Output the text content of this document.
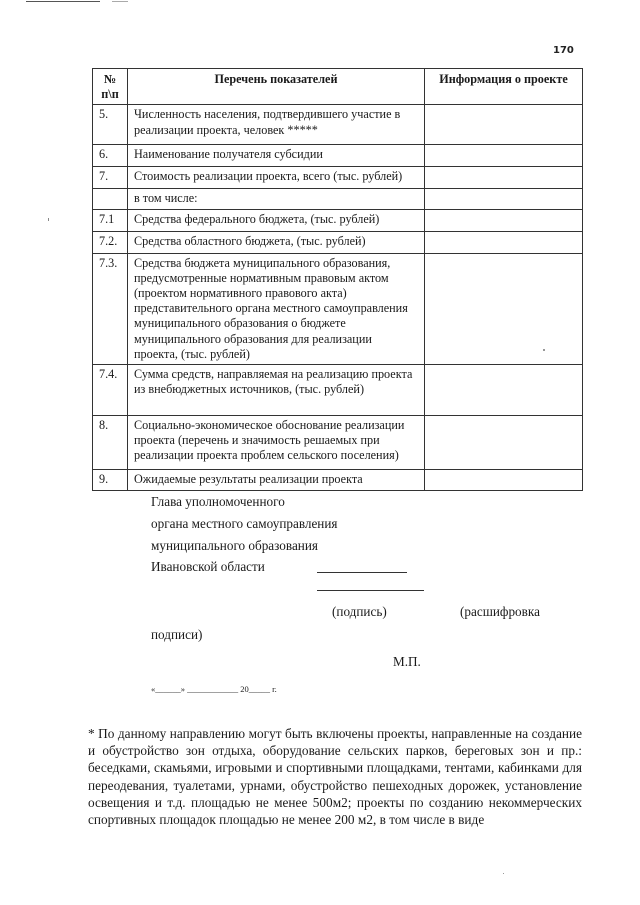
170
№ п\п	Перечень показателей	Информация о проекте
5.	Численность населения, подтвердившего участие в реализации проекта, человек *****	
6.	Наименование получателя субсидии	
7.	Стоимость реализации проекта, всего (тыс. рублей)	
	в том числе:	
7.1	Средства федерального бюджета, (тыс. рублей)	
7.2.	Средства областного бюджета, (тыс. рублей)	
7.3.	Средства бюджета муниципального образования, предусмотренные нормативным правовым актом (проектом нормативного правового акта) представительного органа местного самоуправления муниципального образования о бюджете муниципального образования для реализации проекта, (тыс. рублей)	
7.4.	Сумма средств, направляемая на реализацию проекта из внебюджетных источников, (тыс. рублей)	
8.	Социально-экономическое обоснование реализации проекта (перечень и значимость решаемых при реализации проекта проблем сельского поселения)	
9.	Ожидаемые результаты реализации проекта	
Глава уполномоченного
органа местного самоуправления
муниципального образования
Ивановской области
(подпись)	(расшифровка
подписи)
М.П.
«______» ____________ 20_____ г.
* По данному направлению могут быть включены проекты, направленные на создание и обустройство зон отдыха, оборудование сельских парков, береговых зон и пр.: беседками, скамьями, игровыми и спортивными площадками, тентами, кабинками для переодевания, туалетами, урнами, обустройство пешеходных дорожек, установление освещения и т.д. площадью не менее 500м2; проекты по созданию некоммерческих спортивных площадок площадью не менее 200 м2, в том числе в виде
